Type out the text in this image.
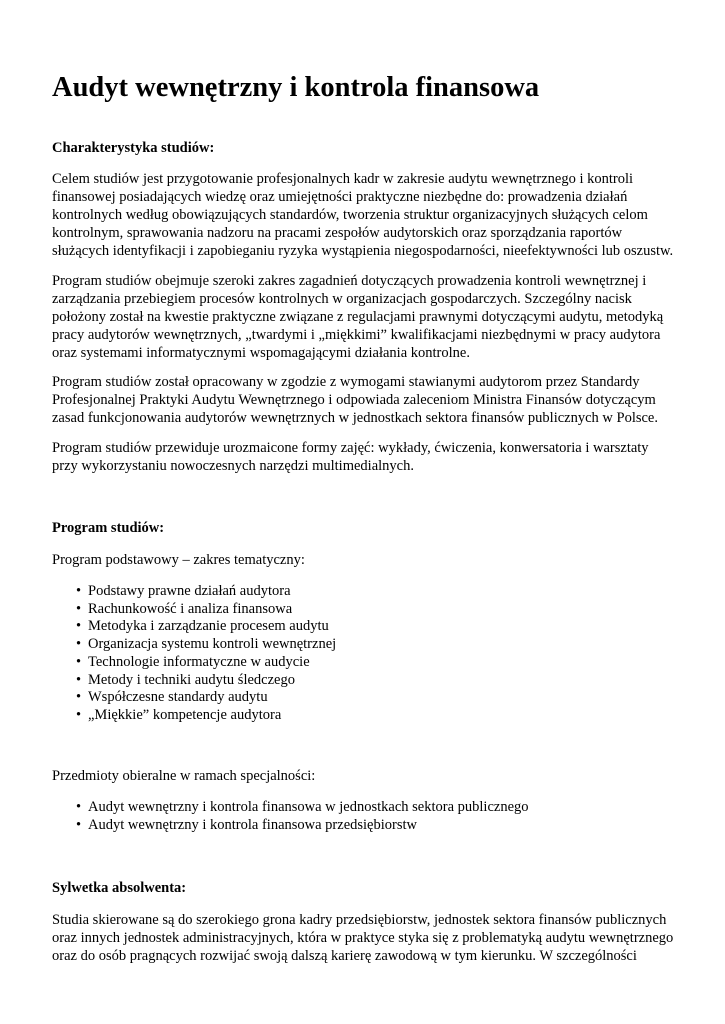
Audyt wewnętrzny i kontrola finansowa
Charakterystyka studiów:

Celem studiów jest przygotowanie profesjonalnych kadr w zakresie audytu wewnętrznego i kontroli
finansowej posiadających wiedzę oraz umiejętności praktyczne niezbędne do: prowadzenia działań
kontrolnych według obowiązujących standardów, tworzenia struktur organizacyjnych służących celom
kontrolnym, sprawowania nadzoru na pracami zespołów audytorskich oraz sporządzania raportów
służących identyfikacji i zapobieganiu ryzyka wystąpienia niegospodarności, nieefektywności lub oszustw.

Program studiów obejmuje szeroki zakres zagadnień dotyczących prowadzenia kontroli wewnętrznej i
zarządzania przebiegiem procesów kontrolnych w organizacjach gospodarczych. Szczególny nacisk
położony został na kwestie praktyczne związane z regulacjami prawnymi dotyczącymi audytu, metodyką
pracy audytorów wewnętrznych, „twardymi i „miękkimi” kwalifikacjami niezbędnymi w pracy audytora
oraz systemami informatycznymi wspomagającymi działania kontrolne.

Program studiów został opracowany w zgodzie z wymogami stawianymi audytorom przez Standardy
Profesjonalnej Praktyki Audytu Wewnętrznego i odpowiada zaleceniom Ministra Finansów dotyczącym
zasad funkcjonowania audytorów wewnętrznych w jednostkach sektora finansów publicznych w Polsce.

Program studiów przewiduje urozmaicone formy zajęć: wykłady, ćwiczenia, konwersatoria i warsztaty
przy wykorzystaniu nowoczesnych narzędzi multimedialnych.

Program studiów:

Program podstawowy – zakres tematyczny:

• Podstawy prawne działań audytora
• Rachunkowość i analiza finansowa
• Metodyka i zarządzanie procesem audytu
• Organizacja systemu kontroli wewnętrznej
• Technologie informatyczne w audycie
• Metody i techniki audytu śledczego
• Współczesne standardy audytu
• „Miękkie” kompetencje audytora

Przedmioty obieralne w ramach specjalności:

• Audyt wewnętrzny i kontrola finansowa w jednostkach sektora publicznego
• Audyt wewnętrzny i kontrola finansowa przedsiębiorstw
Sylwetka absolwenta:

Studia skierowane są do szerokiego grona kadry przedsiębiorstw, jednostek sektora finansów publicznych
oraz innych jednostek administracyjnych, która w praktyce styka się z problematyką audytu wewnętrznego
oraz do osób pragnących rozwijać swoją dalszą karierę zawodową w tym kierunku. W szczególności
